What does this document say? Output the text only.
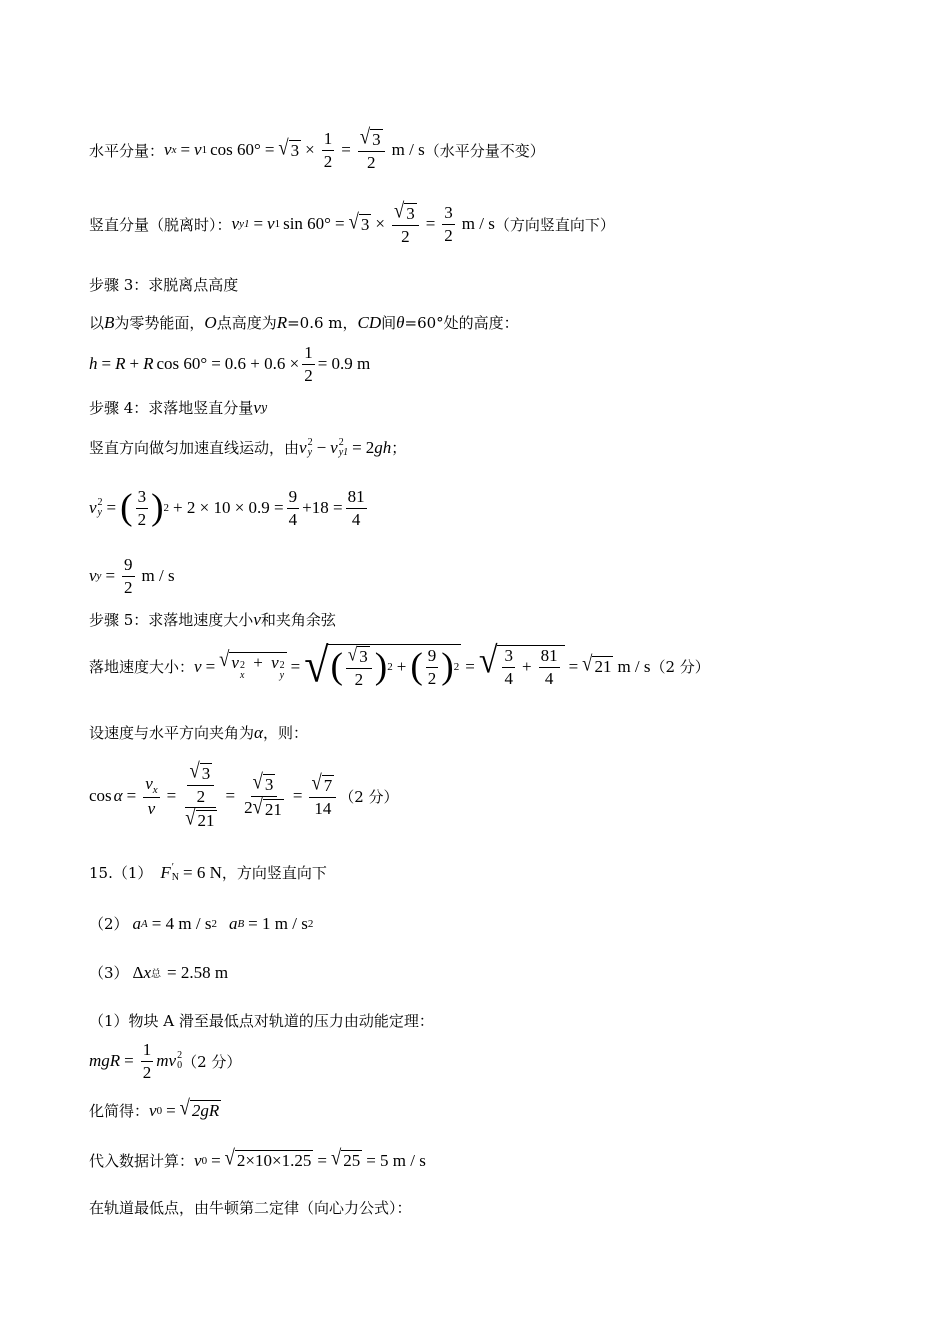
水平分量： v x = v 1 cos 60° = √ $3 \times \frac{1}{2} = \frac{√ 3}{2}$ m / s （水平分量不变）
竖直分量（脱离时）： v y1 = v 1 sin 60° = √ $3 \times \frac{√ 3}{2} = \frac{3}{2}$ m / s （方向竖直向下）
步骤 3：求脱离点高度
以 B 为零势能面， O 点高度为 R =0.6 m， CD 间 θ =60°处的高度：
h = R + R $\cos 60^\circ = 0.6 + 0.6 \times \frac{1}{2} = 0.9$ m
步骤 4：求落地竖直分量 v y
竖直方向做匀加速直线运动，由 v 2
y − v 2
y1 = 2 gh ；
v 2
y = ( $\frac{3}{2}$ ) $2 + 2 \times 10 \times 0.9 = \frac{9}{4} +18 = \frac{81}{4}$
v $y = \frac{9}{2}$ m / s
步骤 5：求落地速度大小 v 和夹角余弦
落地速度大小： v = √ v 2
x
+ v 2
y = √ ( $\frac{√ 3}{2}$ ) 2 + ( $\frac{9}{2}$ ) 2 = √ $\frac{3}{4} + \frac{81}{4}$ = √ 21 m / s （2 分）
设速度与水平方向夹角为 α ，则：
$\cos \alpha = \frac{v_x}{v} = \frac{\frac{√ 3}{2}}{√ 21} = \frac{√ 3}{2 √ 21} = \frac{√ 7}{14} (2$ 分）
15.（1） F ′
N = 6 N ，方向竖直向下
（2） a A = 4 m / s 2 a B = 1 m / s 2
（3） Δ x 总 = 2.58 m
（1）物块 A 滑至最低点对轨道的压力由动能定理：
mgR = $\frac{1}{2}$ mv 2
0 （2 分）
化简得： v 0 = √ 2gR
代入数据计算： v 0 = √ 2×10×1.25 = √ 25 = 5 m / s
在轨道最低点，由牛顿第二定律（向心力公式）：
